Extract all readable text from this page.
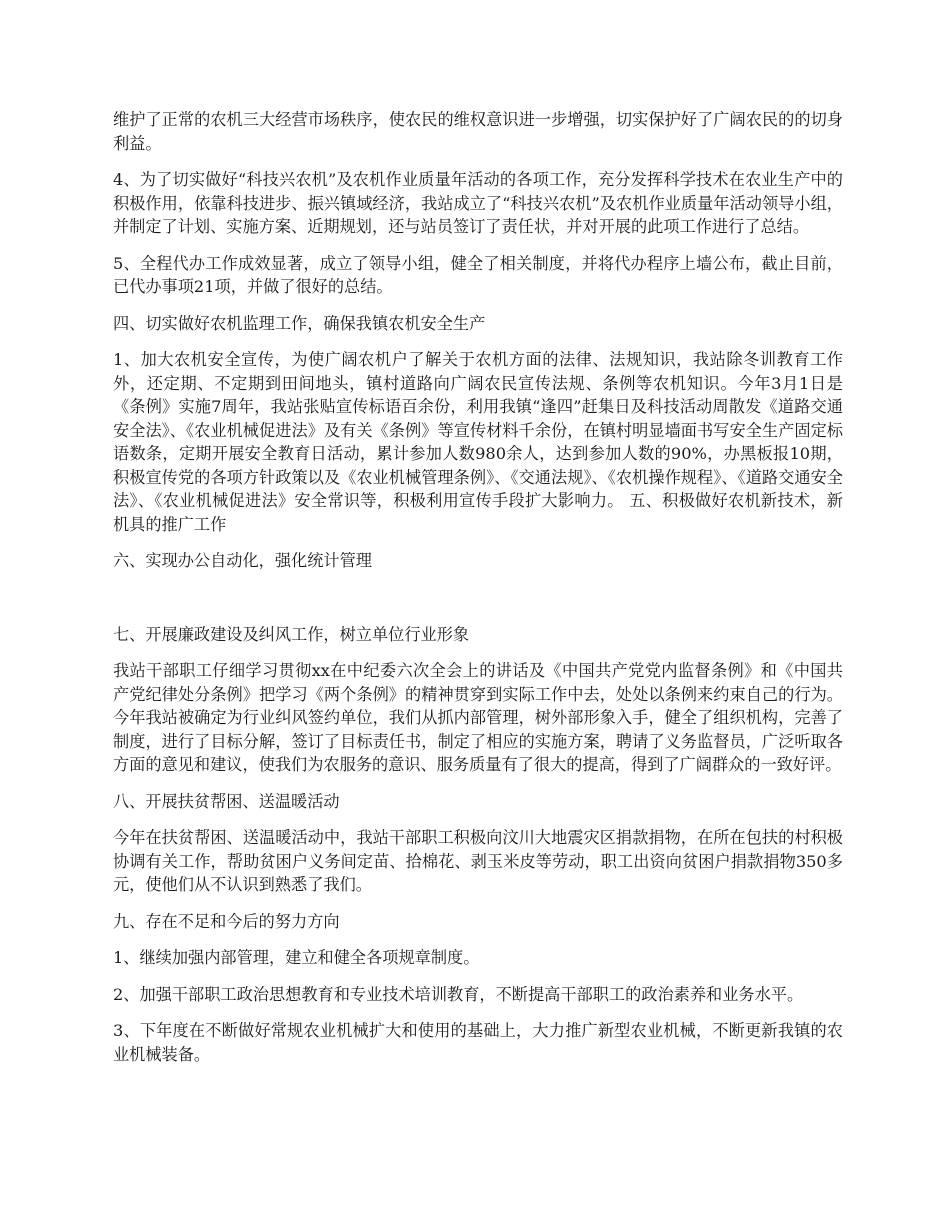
维护了正常的农机三大经营市场秩序，使农民的维权意识进一步增强，切实保护好了广阔农民的的切身利益。

4、为了切实做好“科技兴农机”及农机作业质量年活动的各项工作，充分发挥科学技术在农业生产中的积极作用，依靠科技进步、振兴镇域经济，我站成立了“科技兴农机”及农机作业质量年活动领导小组，并制定了计划、实施方案、近期规划，还与站员签订了责任状，并对开展的此项工作进行了总结。

5、全程代办工作成效显著，成立了领导小组，健全了相关制度，并将代办程序上墙公布，截止目前，已代办事项21项，并做了很好的总结。

四、切实做好农机监理工作，确保我镇农机安全生产

1、加大农机安全宣传，为使广阔农机户了解关于农机方面的法律、法规知识，我站除冬训教育工作外，还定期、不定期到田间地头，镇村道路向广阔农民宣传法规、条例等农机知识。今年3月1日是《条例》实施7周年，我站张贴宣传标语百余份，利用我镇“逢四”赶集日及科技活动周散发《道路交通安全法》、《农业机械促进法》及有关《条例》等宣传材料千余份，在镇村明显墙面书写安全生产固定标语数条，定期开展安全教育日活动，累计参加人数980余人，达到参加人数的90%，办黑板报10期，积极宣传党的各项方针政策以及《农业机械管理条例》、《交通法规》、《农机操作规程》、《道路交通安全法》、《农业机械促进法》安全常识等，积极利用宣传手段扩大影响力。 五、积极做好农机新技术，新机具的推广工作

六、实现办公自动化，强化统计管理

七、开展廉政建设及纠风工作，树立单位行业形象

我站干部职工仔细学习贯彻xx在中纪委六次全会上的讲话及《中国共产党党内监督条例》和《中国共产党纪律处分条例》把学习《两个条例》的精神贯穿到实际工作中去，处处以条例来约束自己的行为。今年我站被确定为行业纠风签约单位，我们从抓内部管理，树外部形象入手，健全了组织机构，完善了制度，进行了目标分解，签订了目标责任书，制定了相应的实施方案，聘请了义务监督员，广泛听取各方面的意见和建议，使我们为农服务的意识、服务质量有了很大的提高，得到了广阔群众的一致好评。

八、开展扶贫帮困、送温暖活动

今年在扶贫帮困、送温暖活动中，我站干部职工积极向汶川大地震灾区捐款捐物，在所在包扶的村积极协调有关工作，帮助贫困户义务间定苗、拾棉花、剥玉米皮等劳动，职工出资向贫困户捐款捐物350多元，使他们从不认识到熟悉了我们。

九、存在不足和今后的努力方向

1、继续加强内部管理，建立和健全各项规章制度。

2、加强干部职工政治思想教育和专业技术培训教育，不断提高干部职工的政治素养和业务水平。

3、下年度在不断做好常规农业机械扩大和使用的基础上，大力推广新型农业机械，不断更新我镇的农业机械装备。
